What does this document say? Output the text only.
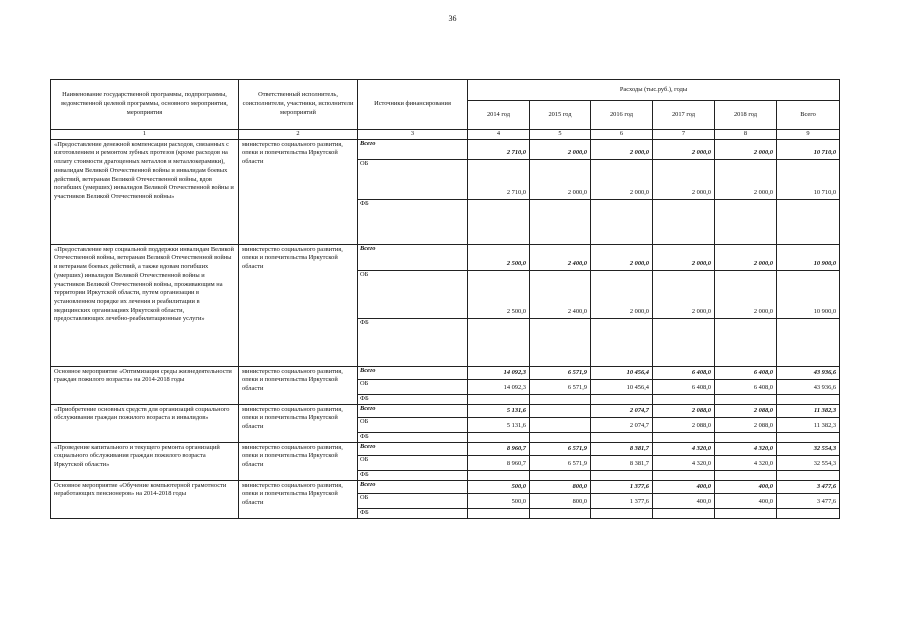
36
Наименование государственной программы, подпрограммы, ведомственной целевой программы, основного мероприятия, мероприятия	Ответственный исполнитель, соисполнители, участники, исполнители мероприятий	Источники финансирования	Расходы (тыс.руб.), годы					
			2014 год	2015 год	2016 год	2017 год	2018 год	Всего
1	2	3	4	5	6	7	8	9
«Предоставление денежной компенсации расходов, связанных с изготовлением и ремонтом зубных протезов (кроме расходов на оплату стоимости драгоценных металлов и металлокерамики), инвалидам Великой Отечественной войны и инвалидам боевых действий, ветеранам Великой Отечественной войны, вдов погибших (умерших) инвалидов Великой Отечественной войны и участников Великой Отечественной войны»	министерство социального развития, опеки и попечительства Иркутской области	Всего	2 710,0	2 000,0	2 000,0	2 000,0	2 000,0	10 710,0
		ОБ	2 710,0	2 000,0	2 000,0	2 000,0	2 000,0	10 710,0
		ФБ						
«Предоставление мер социальной поддержки инвалидам Великой Отечественной войны, ветеранам Великой Отечественной войны и ветеранам боевых действий, а также вдовам погибших (умерших) инвалидов Великой Отечественной войны и участников Великой Отечественной войны, проживающим на территории Иркутской области, путем организации в установленном порядке их лечения и реабилитации в медицинских организациях Иркутской области, предоставляющих лечебно-реабилитационные услуги»	министерство социального развития, опеки и попечительства Иркутской области	Всего	2 500,0	2 400,0	2 000,0	2 000,0	2 000,0	10 900,0
		ОБ	2 500,0	2 400,0	2 000,0	2 000,0	2 000,0	10 900,0
		ФБ						
Основное мероприятие «Оптимизация среды жизнедеятельности граждан пожилого возраста» на 2014-2018 годы	министерство социального развития, опеки и попечительства Иркутской области	Всего	14 092,3	6 571,9	10 456,4	6 408,0	6 408,0	43 936,6
		ОБ	14 092,3	6 571,9	10 456,4	6 408,0	6 408,0	43 936,6
		ФБ						
«Приобретение основных средств для организаций социального обслуживания граждан пожилого возраста и инвалидов»	министерство социального развития, опеки и попечительства Иркутской области	Всего	5 131,6		2 074,7	2 088,0	2 088,0	11 382,3
		ОБ	5 131,6		2 074,7	2 088,0	2 088,0	11 382,3
		ФБ						
«Проведение капитального и текущего ремонта организаций социального обслуживания граждан пожилого возраста Иркутской области»	министерство социального развития, опеки и попечительства Иркутской области	Всего	8 960,7	6 571,9	8 381,7	4 320,0	4 320,0	32 554,3
		ОБ	8 960,7	6 571,9	8 381,7	4 320,0	4 320,0	32 554,3
		ФБ						
Основное мероприятие «Обучение компьютерной грамотности неработающих пенсионеров» на 2014-2018 годы	министерство социального развития, опеки и попечительства Иркутской области	Всего	500,0	800,0	1 377,6	400,0	400,0	3 477,6
		ОБ	500,0	800,0	1 377,6	400,0	400,0	3 477,6
		ФБ						
